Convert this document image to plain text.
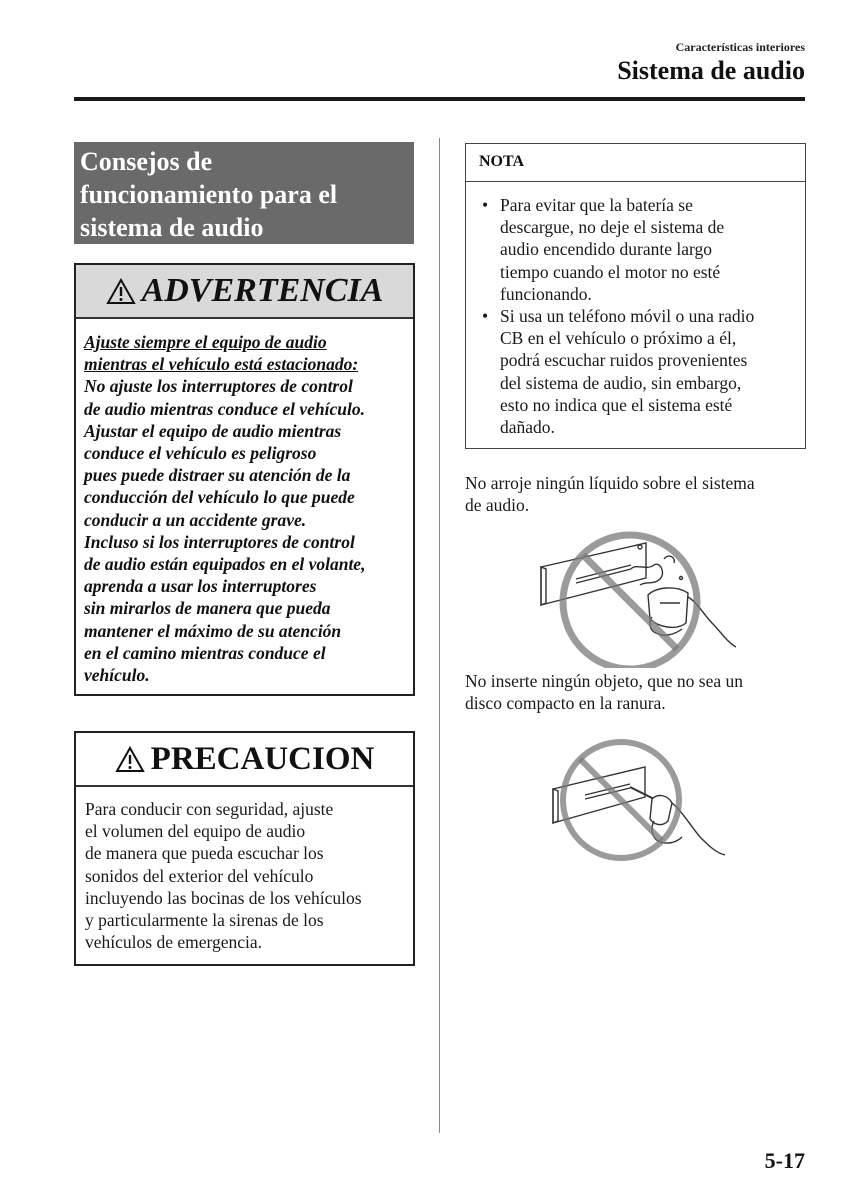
Características interiores
Sistema de audio
Consejos de
funcionamiento para el
sistema de audio
ADVERTENCIA
Ajuste siempre el equipo de audio
mientras el vehículo está estacionado:
No ajuste los interruptores de control
de audio mientras conduce el vehículo.
Ajustar el equipo de audio mientras
conduce el vehículo es peligroso
pues puede distraer su atención de la
conducción del vehículo lo que puede
conducir a un accidente grave.
Incluso si los interruptores de control
de audio están equipados en el volante,
aprenda a usar los interruptores
sin mirarlos de manera que pueda
mantener el máximo de su atención
en el camino mientras conduce el
vehículo.
PRECAUCION
Para conducir con seguridad, ajuste
el volumen del equipo de audio
de manera que pueda escuchar los
sonidos del exterior del vehículo
incluyendo las bocinas de los vehículos
y particularmente la sirenas de los
vehículos de emergencia.
NOTA
• Para evitar que la batería se
descargue, no deje el sistema de
audio encendido durante largo
tiempo cuando el motor no esté
funcionando.
• Si usa un teléfono móvil o una radio
CB en el vehículo o próximo a él,
podrá escuchar ruidos provenientes
del sistema de audio, sin embargo,
esto no indica que el sistema esté
dañado.
No arroje ningún líquido sobre el sistema
de audio.
No inserte ningún objeto, que no sea un
disco compacto en la ranura.
5-17
